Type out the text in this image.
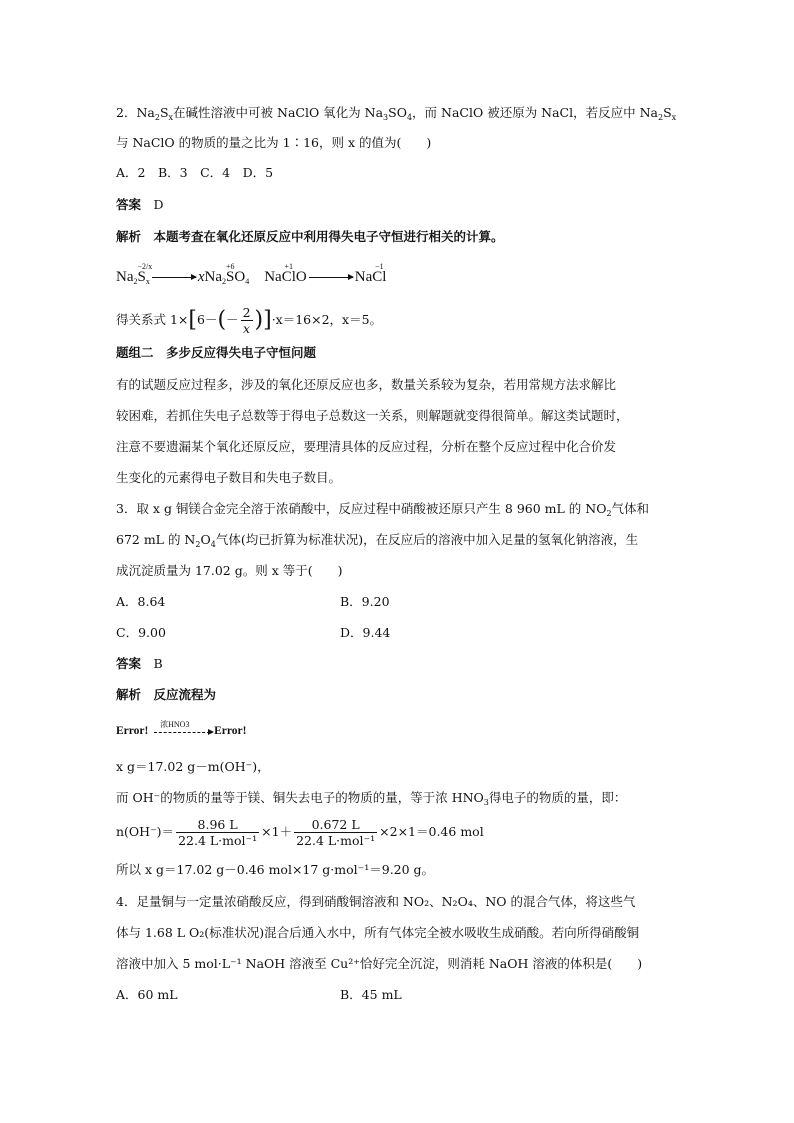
2．$Na_2S_x$在碱性溶液中可被 NaClO 氧化为 $Na_3SO_4$，而 NaClO 被还原为 NaCl，若反应中 $Na_2S_x$
与 NaClO 的物质的量之比为 1∶16，则 x 的值为(　　)
A．2　B．3　C．4　D．5
答案　 D
解析　 本题考查在氧化还原反应中利用得失电子守恒进行相关的计算。
$Na_2S$
−2/x
$_x$	xNa$_2$S
+6
$O_4$    NaCl
+1
O	NaCl
−1
得关系式 $1\times[6-(- \frac{2}{x} )]\cdot x=16\times 2$，x＝5。
题组二　多步反应得失电子守恒问题
有的试题反应过程多，涉及的氧化还原反应也多，数量关系较为复杂，若用常规方法求解比
较困难，若抓住失电子总数等于得电子总数这一关系，则解题就变得很简单。解这类试题时，
注意不要遗漏某个氧化还原反应，要理清具体的反应过程，分析在整个反应过程中化合价发
生变化的元素得电子数目和失电子数目。
3．取 x g 铜镁合金完全溶于浓硝酸中，反应过程中硝酸被还原只产生 8 960 mL 的 $NO_2$气体和
672 mL 的 $N_2O_4$气体(均已折算为标准状况)，在反应后的溶液中加入足量的氢氧化钠溶液，生
成沉淀质量为 17.02 g。则 x 等于(　　)
A．8.64	B．9.20
C．9.00	D．9.44
答案　 B
解析　 反应流程为
Error!
浓HNO3
Error!
x g＝17.02 g－m(OH⁻)，
而 OH⁻的物质的量等于镁、铜失去电子的物质的量，等于浓 $HNO_3$得电子的物质的量，即：
$n(OH^-)= \frac{8.96 L}{\text{22.4 L·mol⁻¹}} \times 1+ \frac{0.672 L}{\text{22.4 L·mol⁻¹}} \times 2\times 1=0.46$ mol
所以 x g＝17.02 g－0.46 mol×17 g·mol⁻¹＝9.20 g。
4．足量铜与一定量浓硝酸反应，得到硝酸铜溶液和 NO₂、N₂O₄、NO 的混合气体，将这些气
体与 1.68 L O₂(标准状况)混合后通入水中，所有气体完全被水吸收生成硝酸。若向所得硝酸铜
溶液中加入 5 mol·L⁻¹ NaOH 溶液至 Cu²⁺恰好完全沉淀，则消耗 NaOH 溶液的体积是(　　)
A．60 mL	B．45 mL
